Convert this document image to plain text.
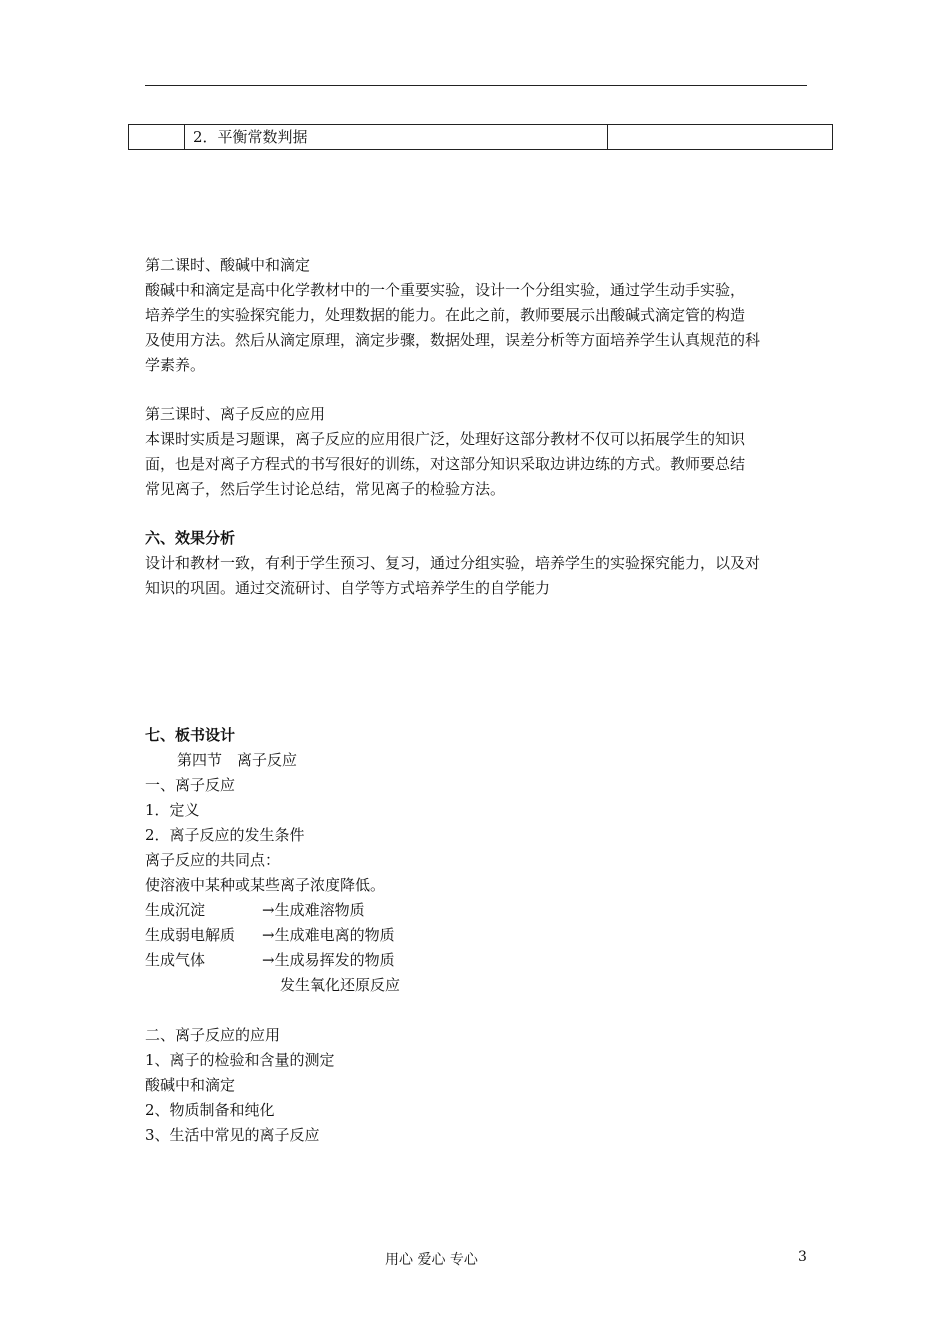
	2．平衡常数判据	

第二课时、酸碱中和滴定

酸碱中和滴定是高中化学教材中的一个重要实验，设计一个分组实验，通过学生动手实验，

培养学生的实验探究能力，处理数据的能力。在此之前，教师要展示出酸碱式滴定管的构造

及使用方法。然后从滴定原理，滴定步骤，数据处理，误差分析等方面培养学生认真规范的科

学素养。

第三课时、离子反应的应用

本课时实质是习题课，离子反应的应用很广泛，处理好这部分教材不仅可以拓展学生的知识

面，也是对离子方程式的书写很好的训练，对这部分知识采取边讲边练的方式。教师要总结

常见离子，然后学生讨论总结，常见离子的检验方法。

六、效果分析

设计和教材一致，有利于学生预习、复习，通过分组实验，培养学生的实验探究能力，以及对

知识的巩固。通过交流研讨、自学等方式培养学生的自学能力

七、板书设计

第四节　离子反应

一、离子反应

1．定义

2．离子反应的发生条件

离子反应的共同点：

使溶液中某种或某些离子浓度降低。

生成沉淀	→生成难溶物质

生成弱电解质	→生成难电离的物质

生成气体	→生成易挥发的物质

发生氧化还原反应

二、离子反应的应用

1、离子的检验和含量的测定

酸碱中和滴定

2、物质制备和纯化

3、生活中常见的离子反应

用心 爱心 专心	3
